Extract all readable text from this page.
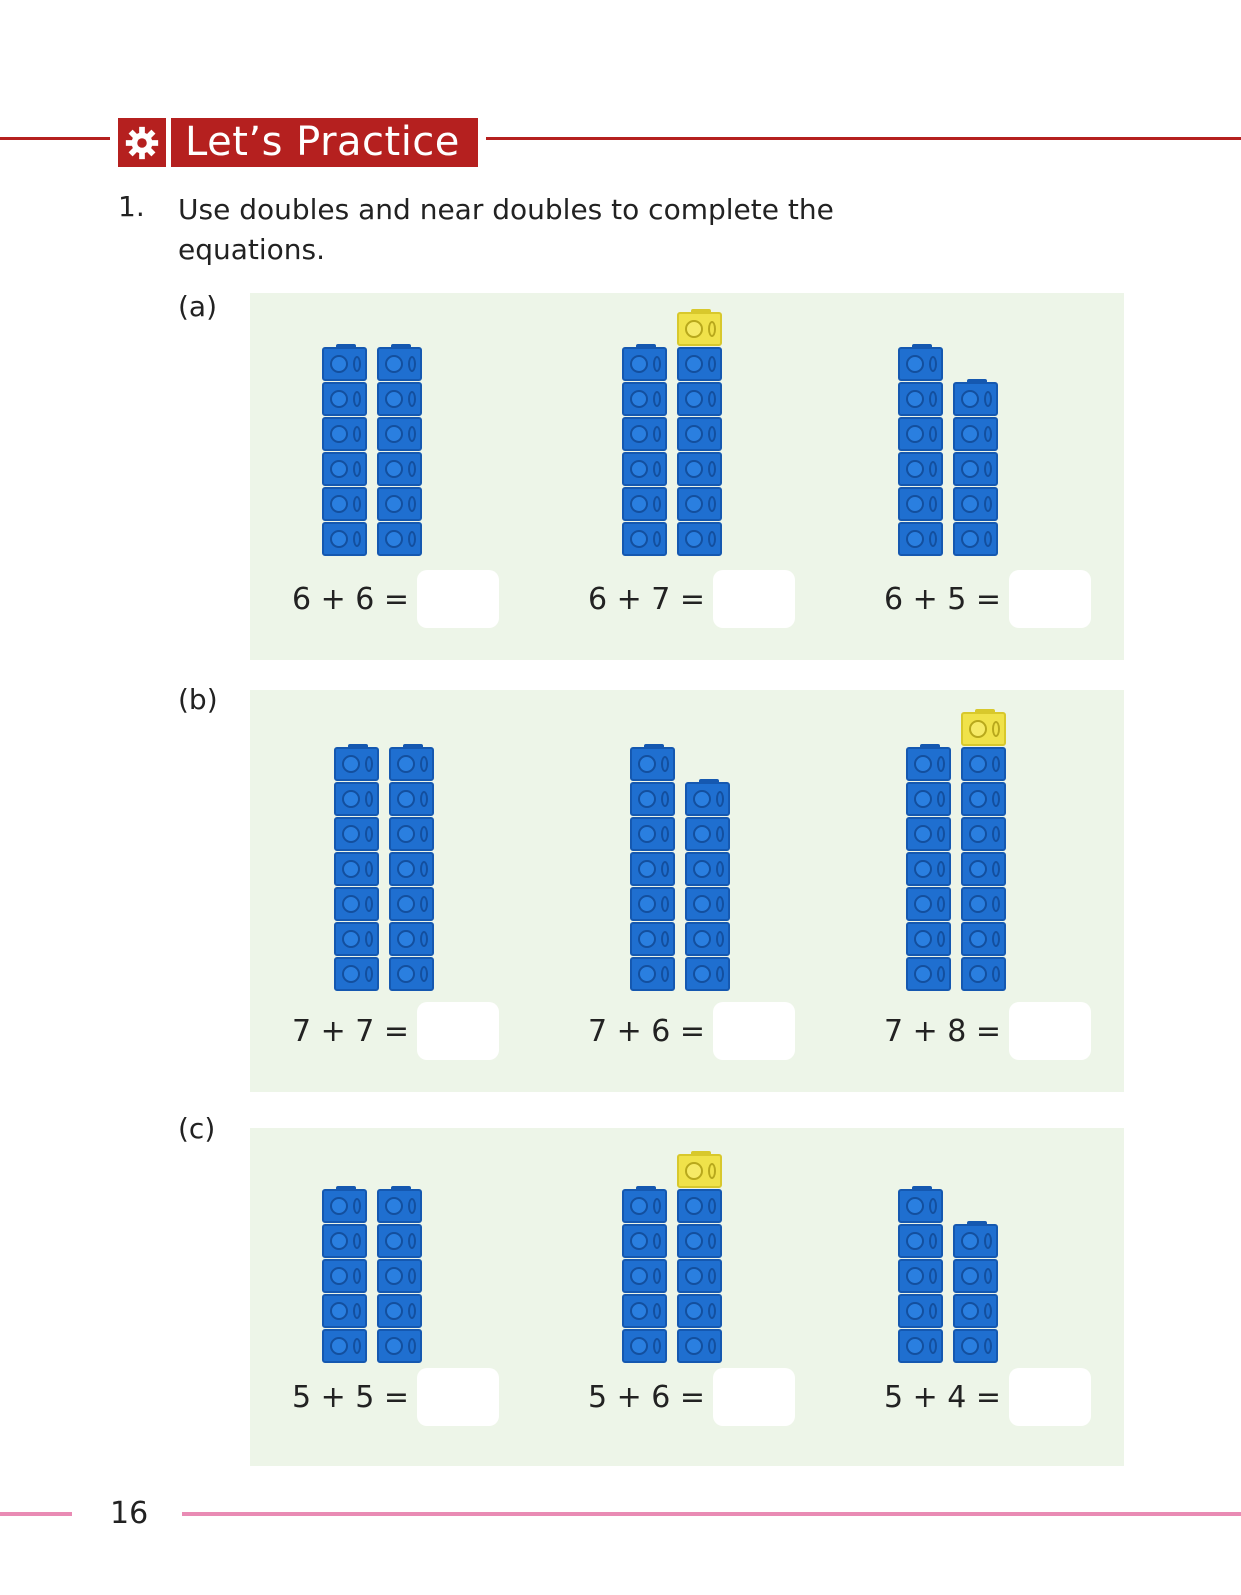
Let’s Practice
1. Use doubles and near doubles to complete the equations.
(a)
(b)
(c)
6 + 6 =	6 + 7 =	6 + 5 =
7 + 7 =	7 + 6 =	7 + 8 =
5 + 5 =	5 + 6 =	5 + 4 =
16
